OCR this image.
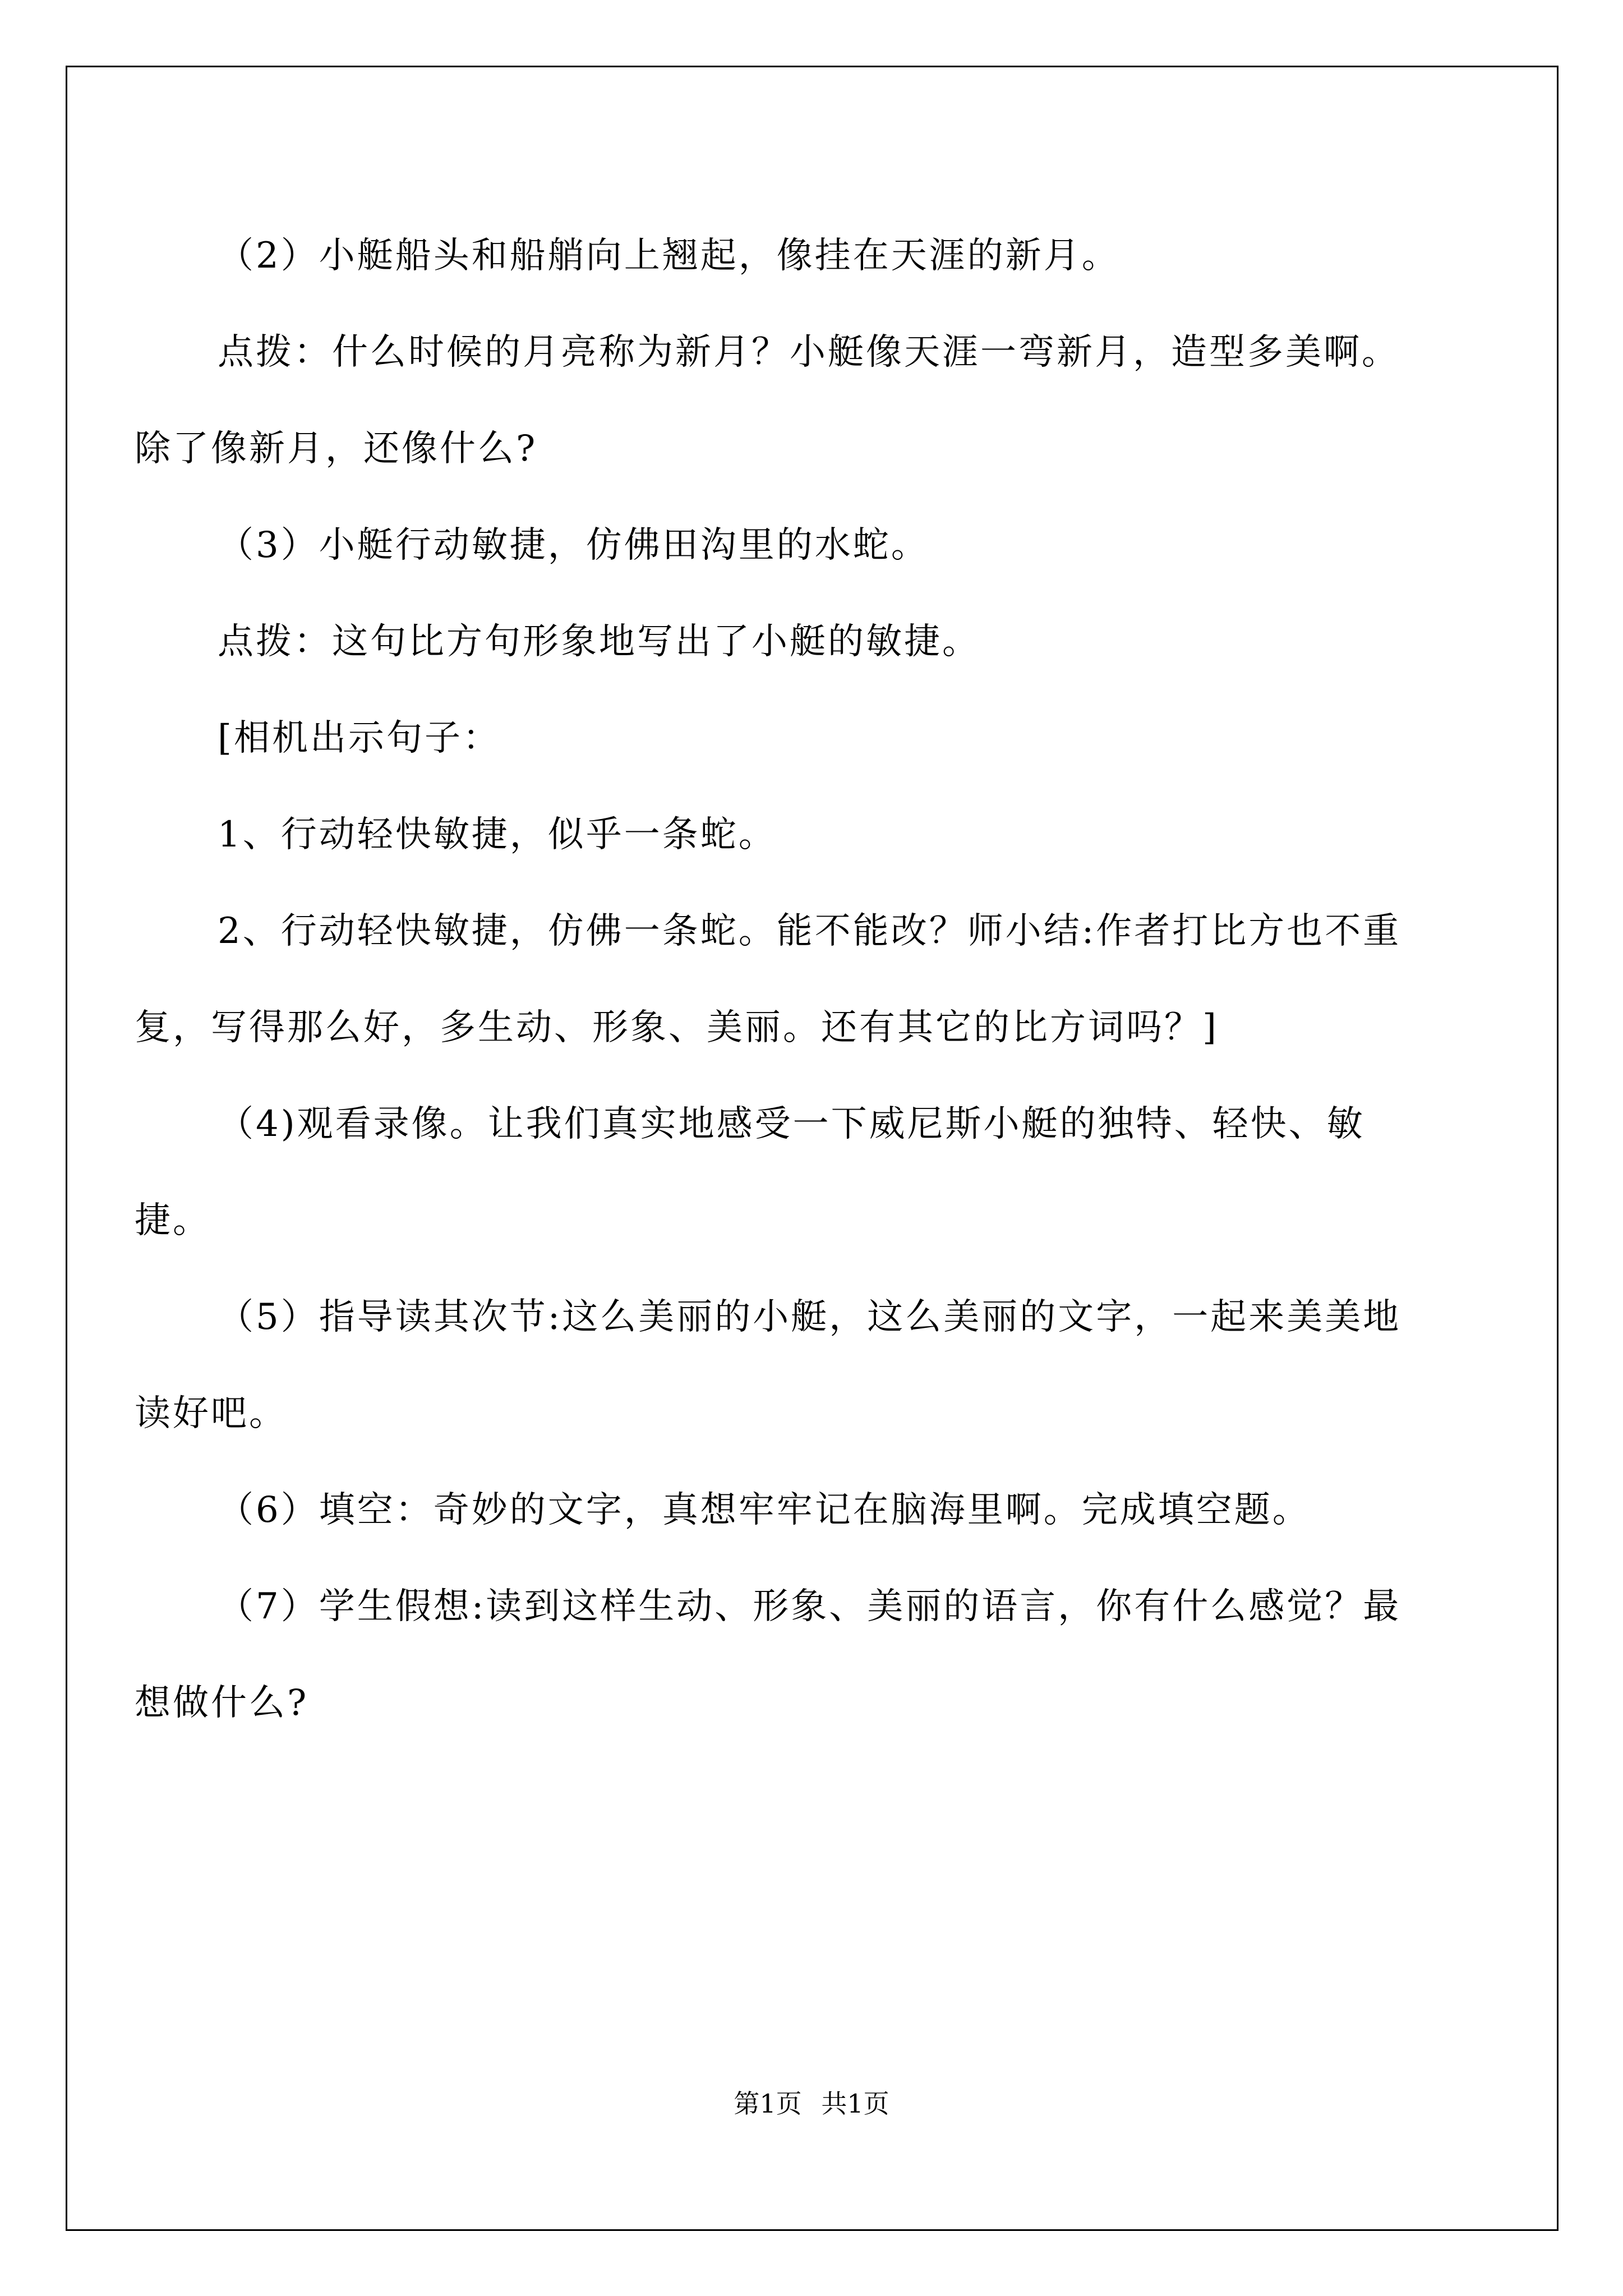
（2）小艇船头和船艄向上翘起，像挂在天涯的新月。

点拨：什么时候的月亮称为新月？小艇像天涯一弯新月，造型多美啊。除了像新月，还像什么?

（3）小艇行动敏捷，仿佛田沟里的水蛇。

点拨：这句比方句形象地写出了小艇的敏捷。

[相机出示句子：

1、行动轻快敏捷，似乎一条蛇。

2、行动轻快敏捷，仿佛一条蛇。能不能改？师小结:作者打比方也不重复，写得那么好，多生动、形象、美丽。还有其它的比方词吗？]

（4)观看录像。让我们真实地感受一下威尼斯小艇的独特、轻快、敏捷。

（5）指导读其次节:这么美丽的小艇，这么美丽的文字，一起来美美地读好吧。

（6）填空：奇妙的文字，真想牢牢记在脑海里啊。完成填空题。

（7）学生假想:读到这样生动、形象、美丽的语言，你有什么感觉？最想做什么?

第1页 共1页
